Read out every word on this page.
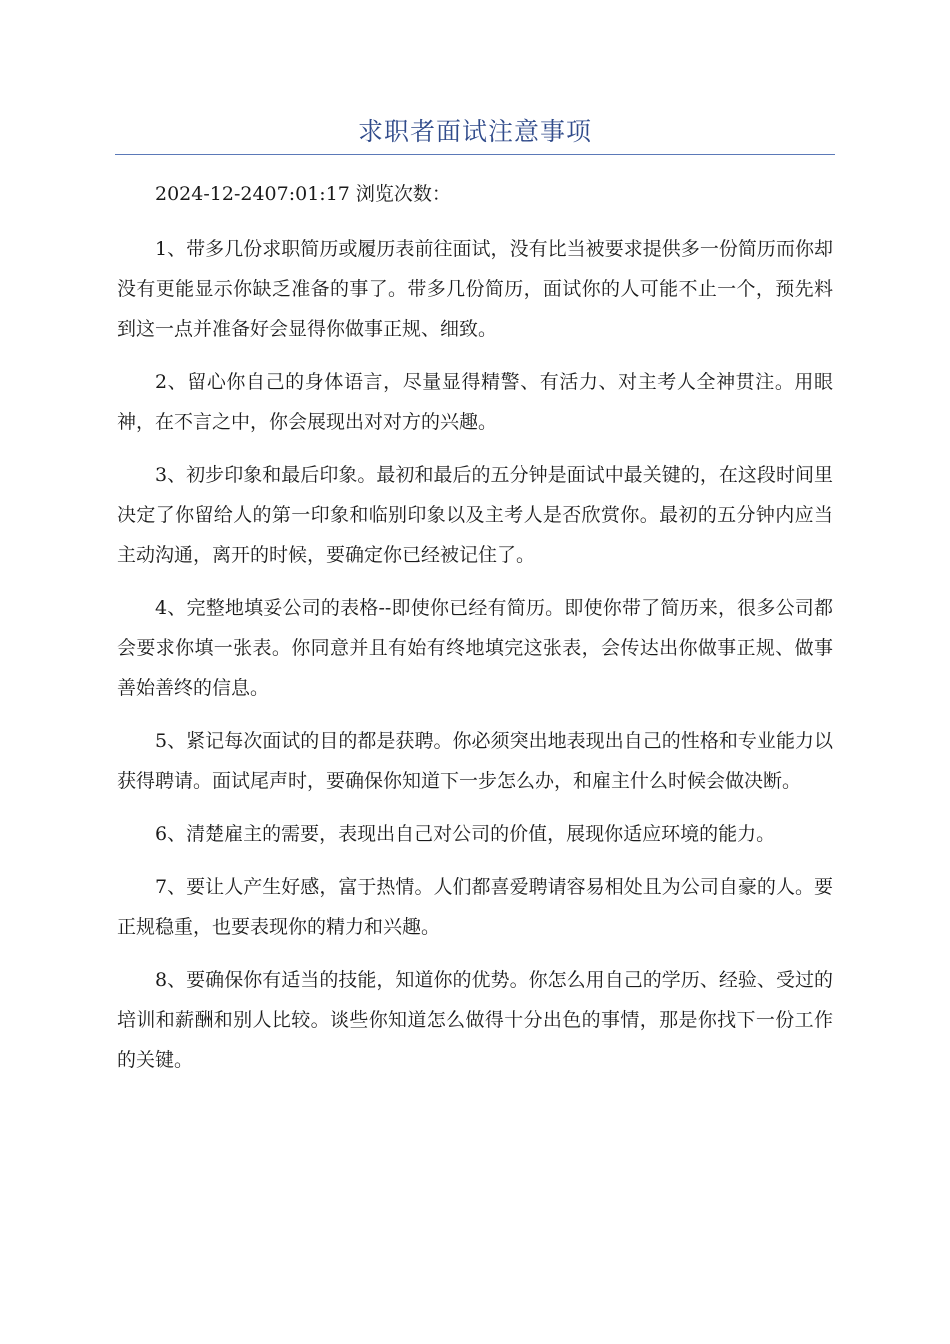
求职者面试注意事项

2024-12-2407:01:17 浏览次数：

1、带多几份求职简历或履历表前往面试，没有比当被要求提供多一份简历而你却没有更能显示你缺乏准备的事了。带多几份简历，面试你的人可能不止一个，预先料到这一点并准备好会显得你做事正规、细致。

2、留心你自己的身体语言，尽量显得精警、有活力、对主考人全神贯注。用眼神，在不言之中，你会展现出对对方的兴趣。

3、初步印象和最后印象。最初和最后的五分钟是面试中最关键的，在这段时间里决定了你留给人的第一印象和临别印象以及主考人是否欣赏你。最初的五分钟内应当主动沟通，离开的时候，要确定你已经被记住了。

4、完整地填妥公司的表格--即使你已经有简历。即使你带了简历来，很多公司都会要求你填一张表。你同意并且有始有终地填完这张表，会传达出你做事正规、做事善始善终的信息。

5、紧记每次面试的目的都是获聘。你必须突出地表现出自己的性格和专业能力以获得聘请。面试尾声时，要确保你知道下一步怎么办，和雇主什么时候会做决断。

6、清楚雇主的需要，表现出自己对公司的价值，展现你适应环境的能力。

7、要让人产生好感，富于热情。人们都喜爱聘请容易相处且为公司自豪的人。要正规稳重，也要表现你的精力和兴趣。

8、要确保你有适当的技能，知道你的优势。你怎么用自己的学历、经验、受过的培训和薪酬和别人比较。谈些你知道怎么做得十分出色的事情，那是你找下一份工作的关键。
